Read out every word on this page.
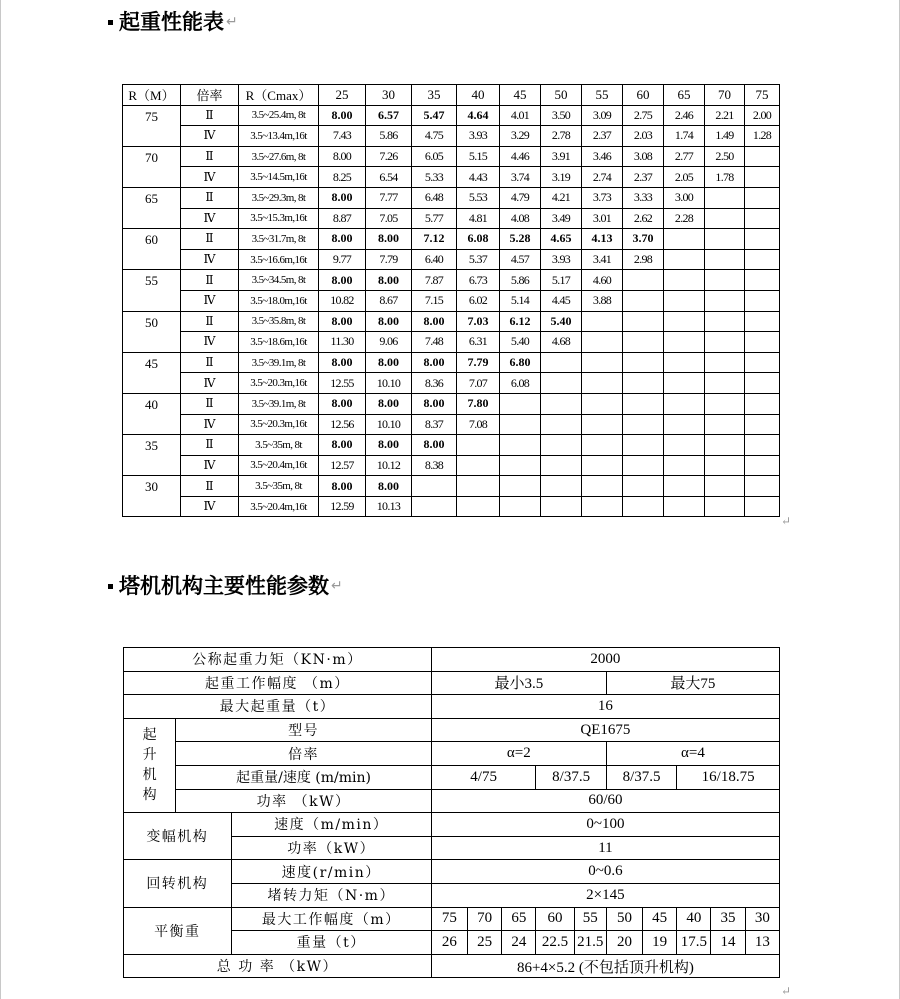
起重性能表 ↵
R（M）	倍率	R（Cmax）	25	30	35	40	45	50	55	60	65	70	75
75	Ⅱ	3.5~25.4m, 8t	8.00	6.57	5.47	4.64	4.01	3.50	3.09	2.75	2.46	2.21	2.00
	Ⅳ	3.5~13.4m,16t	7.43	5.86	4.75	3.93	3.29	2.78	2.37	2.03	1.74	1.49	1.28
70	Ⅱ	3.5~27.6m, 8t	8.00	7.26	6.05	5.15	4.46	3.91	3.46	3.08	2.77	2.50	
	Ⅳ	3.5~14.5m,16t	8.25	6.54	5.33	4.43	3.74	3.19	2.74	2.37	2.05	1.78	
65	Ⅱ	3.5~29.3m, 8t	8.00	7.77	6.48	5.53	4.79	4.21	3.73	3.33	3.00		
	Ⅳ	3.5~15.3m,16t	8.87	7.05	5.77	4.81	4.08	3.49	3.01	2.62	2.28		
60	Ⅱ	3.5~31.7m, 8t	8.00	8.00	7.12	6.08	5.28	4.65	4.13	3.70			
	Ⅳ	3.5~16.6m,16t	9.77	7.79	6.40	5.37	4.57	3.93	3.41	2.98			
55	Ⅱ	3.5~34.5m, 8t	8.00	8.00	7.87	6.73	5.86	5.17	4.60				
	Ⅳ	3.5~18.0m,16t	10.82	8.67	7.15	6.02	5.14	4.45	3.88				
50	Ⅱ	3.5~35.8m, 8t	8.00	8.00	8.00	7.03	6.12	5.40					
	Ⅳ	3.5~18.6m,16t	11.30	9.06	7.48	6.31	5.40	4.68					
45	Ⅱ	3.5~39.1m, 8t	8.00	8.00	8.00	7.79	6.80						
	Ⅳ	3.5~20.3m,16t	12.55	10.10	8.36	7.07	6.08						
40	Ⅱ	3.5~39.1m, 8t	8.00	8.00	8.00	7.80							
	Ⅳ	3.5~20.3m,16t	12.56	10.10	8.37	7.08							
35	Ⅱ	3.5~35m, 8t	8.00	8.00	8.00								
	Ⅳ	3.5~20.4m,16t	12.57	10.12	8.38								
30	Ⅱ	3.5~35m, 8t	8.00	8.00									
	Ⅳ	3.5~20.4m,16t	12.59	10.13									
↵
塔机机构主要性能参数 ↵
公称起重力矩（KN·m）			2000									
起重工作幅度 （m）			最小3.5					最大75				
最大起重量（t）			16									

起
升
机
构	型号		QE1675									
	倍率		α=2					α=4				
	起重量/速度 (m/min)		4/75			8/37.5		8/37.5		16/18.75		
	功率 （kW）		60/60									
变幅机构		速度（m/min）	0~100									
		功率（kW）	11									
回转机构		速度(r/min）	0~0.6									
		堵转力矩（N·m）	2×145									
平衡重		最大工作幅度（m）	75	70	65	60	55	50	45	40	35	30
		重量（t）	26	25	24	22.5	21.5	20	19	17.5	14	13
总 功 率 （kW）			86+4×5.2 (不包括顶升机构)									
↵
